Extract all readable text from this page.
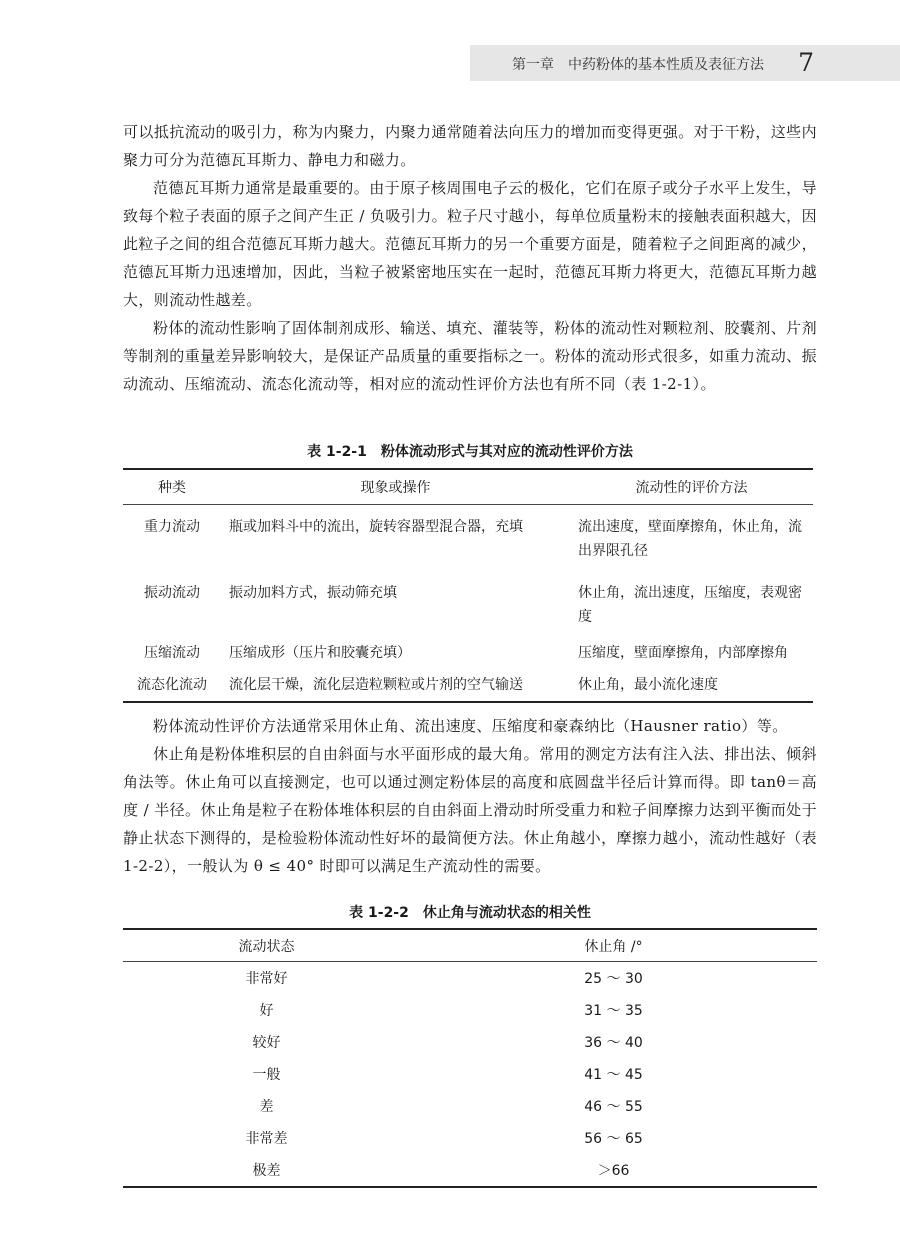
第一章　中药粉体的基本性质及表征方法 7

可以抵抗流动的吸引力，称为内聚力，内聚力通常随着法向压力的增加而变得更强。对于干粉，这些内聚力可分为范德瓦耳斯力、静电力和磁力。

范德瓦耳斯力通常是最重要的。由于原子核周围电子云的极化，它们在原子或分子水平上发生，导致每个粒子表面的原子之间产生正 / 负吸引力。粒子尺寸越小，每单位质量粉末的接触表面积越大，因此粒子之间的组合范德瓦耳斯力越大。范德瓦耳斯力的另一个重要方面是，随着粒子之间距离的减少，范德瓦耳斯力迅速增加，因此，当粒子被紧密地压实在一起时，范德瓦耳斯力将更大，范德瓦耳斯力越大，则流动性越差。

粉体的流动性影响了固体制剂成形、输送、填充、灌装等，粉体的流动性对颗粒剂、胶囊剂、片剂等制剂的重量差异影响较大，是保证产品质量的重要指标之一。粉体的流动形式很多，如重力流动、振动流动、压缩流动、流态化流动等，相对应的流动性评价方法也有所不同（表 1-2-1）。

表 1-2-1　粉体流动形式与其对应的流动性评价方法
种类	现象或操作	流动性的评价方法
重力流动	瓶或加料斗中的流出，旋转容器型混合器，充填	流出速度，壁面摩擦角，休止角，流出界限孔径
振动流动	振动加料方式，振动筛充填	休止角，流出速度，压缩度，表观密度
压缩流动	压缩成形（压片和胶囊充填）	压缩度，壁面摩擦角，内部摩擦角
流态化流动	流化层干燥，流化层造粒颗粒或片剂的空气输送	休止角，最小流化速度

粉体流动性评价方法通常采用休止角、流出速度、压缩度和豪森纳比（Hausner ratio）等。

休止角是粉体堆积层的自由斜面与水平面形成的最大角。常用的测定方法有注入法、排出法、倾斜角法等。休止角可以直接测定，也可以通过测定粉体层的高度和底圆盘半径后计算而得。即 tanθ＝高度 / 半径。休止角是粒子在粉体堆体积层的自由斜面上滑动时所受重力和粒子间摩擦力达到平衡而处于静止状态下测得的，是检验粉体流动性好坏的最简便方法。休止角越小，摩擦力越小，流动性越好（表 1-2-2），一般认为 θ ≤ 40° 时即可以满足生产流动性的需要。

表 1-2-2　休止角与流动状态的相关性
流动状态	休止角 /°
非常好	25 ～ 30
好	31 ～ 35
较好	36 ～ 40
一般	41 ～ 45
差	46 ～ 55
非常差	56 ～ 65
极差	＞66
